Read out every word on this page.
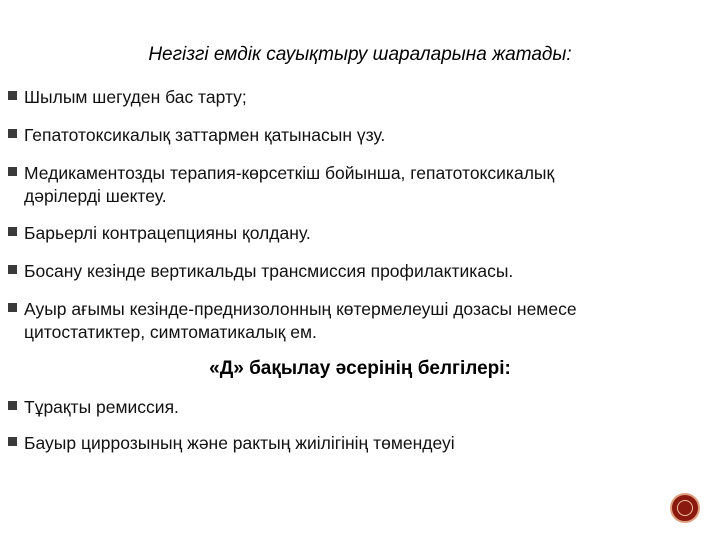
Негізгі емдік сауықтыру шараларына жатады:
Шылым шегуден бас тарту;
Гепатотоксикалық заттармен қатынасын үзу.
Медикаментозды терапия-көрсеткіш бойынша, гепатотоксикалық
дәрілерді шектеу.
Барьерлі контрацепцияны қолдану.
Босану кезінде вертикальды трансмиссия профилактикасы.
Ауыр ағымы кезінде-преднизолонның көтермелеуші дозасы немесе
цитостатиктер, симтоматикалық ем.
«Д» бақылау әсерінің белгілері:
Тұрақты ремиссия.
Бауыр циррозының және рактың жиілігінің төмендеуі
